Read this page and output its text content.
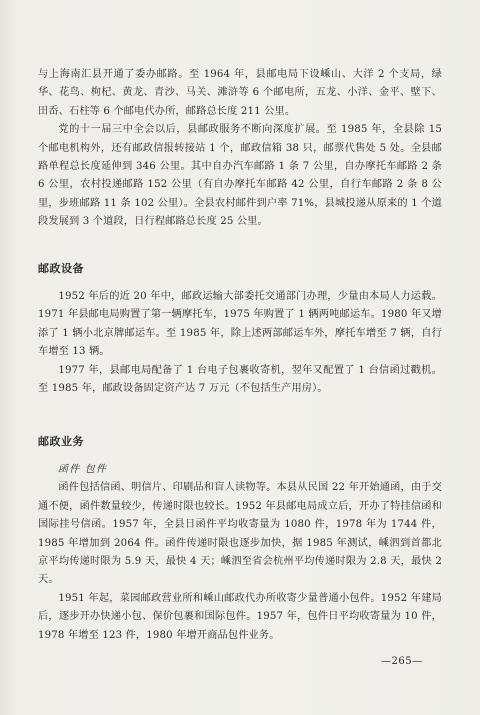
与上海南汇县开通了委办邮路。至 1964 年，县邮电局下设嵊山、大洋 2 个支局，绿华、花鸟、枸杞、黄龙、青沙、马关、滩浒等 6 个邮电所，五龙、小洋、金平、壁下、田岙、石柱等 6 个邮电代办所，邮路总长度 211 公里。

党的十一届三中全会以后，县邮政服务不断向深度扩展。至 1985 年，全县除 15 个邮电机构外，还有邮政信报转接站 1 个，邮政信箱 38 只，邮票代售处 5 处。全县邮路单程总长度延伸到 346 公里。其中自办汽车邮路 1 条 7 公里，自办摩托车邮路 2 条 6 公里，农村投递邮路 152 公里（有自办摩托车邮路 42 公里，自行车邮路 2 条 8 公里，步班邮路 11 条 102 公里）。全县农村邮件到户率 71%，县城投递从原来的 1 个道段发展到 3 个道段，日行程邮路总长度 25 公里。

邮政设备

1952 年后的近 20 年中，邮政运输大部委托交通部门办理，少量由本局人力运载。1971 年县邮电局购置了第一辆摩托车，1975 年购置了 1 辆两吨邮运车。1980 年又增添了 1 辆小北京牌邮运车。至 1985 年，除上述两部邮运车外，摩托车增至 7 辆，自行车增至 13 辆。

1977 年，县邮电局配备了 1 台电子包裹收寄机，翌年又配置了 1 台信函过戳机。至 1985 年，邮政设备固定资产达 7 万元（不包括生产用房）。

邮政业务

函件 包件

函件包括信函、明信片、印刷品和盲人读物等。本县从民国 22 年开始通函，由于交通不便，函件数量较少，传递时限也较长。1952 年县邮电局成立后，开办了特挂信函和国际挂号信函。1957 年，全县日函件平均收寄量为 1080 件，1978 年为 1744 件，1985 年增加到 2064 件。函件传递时限也逐步加快，据 1985 年测试，嵊泗到首都北京平均传递时限为 5.9 天，最快 4 天；嵊泗至省会杭州平均传递时限为 2.8 天，最快 2 天。

1951 年起，菜园邮政营业所和嵊山邮政代办所收寄少量普通小包件。1952 年建局后，逐步开办快递小包、保价包裹和国际包件。1957 年，包件日平均收寄量为 10 件，1978 年增至 123 件，1980 年增开商品包件业务。

—265—
